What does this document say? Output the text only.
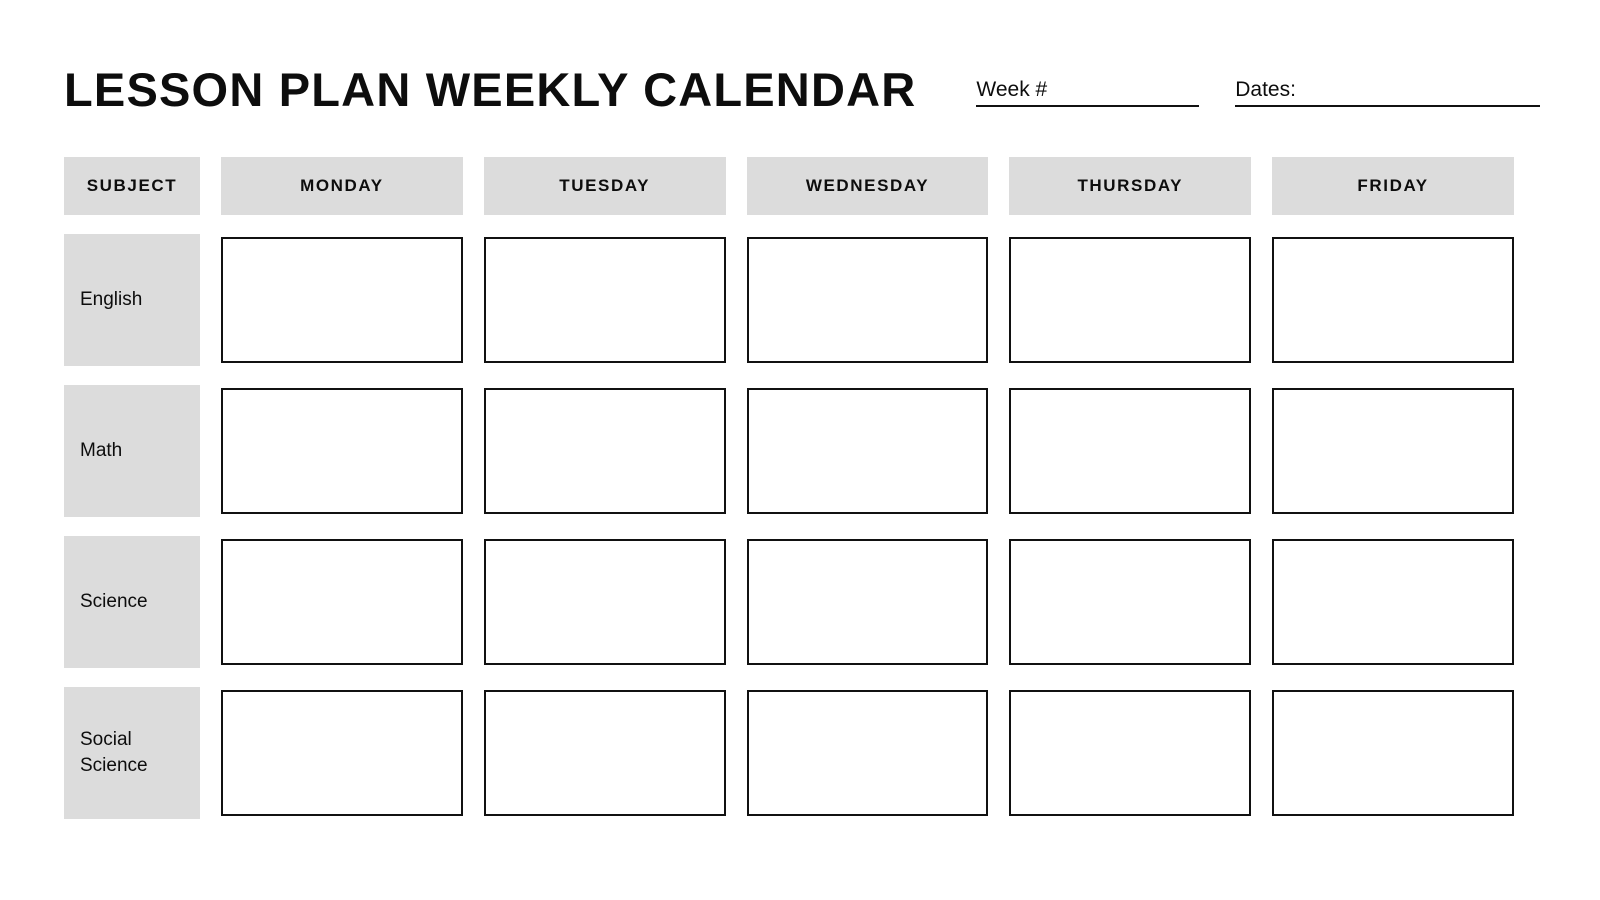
LESSON PLAN WEEKLY CALENDAR	Week #	Dates:
SUBJECT	MONDAY	TUESDAY	WEDNESDAY	THURSDAY	FRIDAY
English
Math
Science
Social Science
